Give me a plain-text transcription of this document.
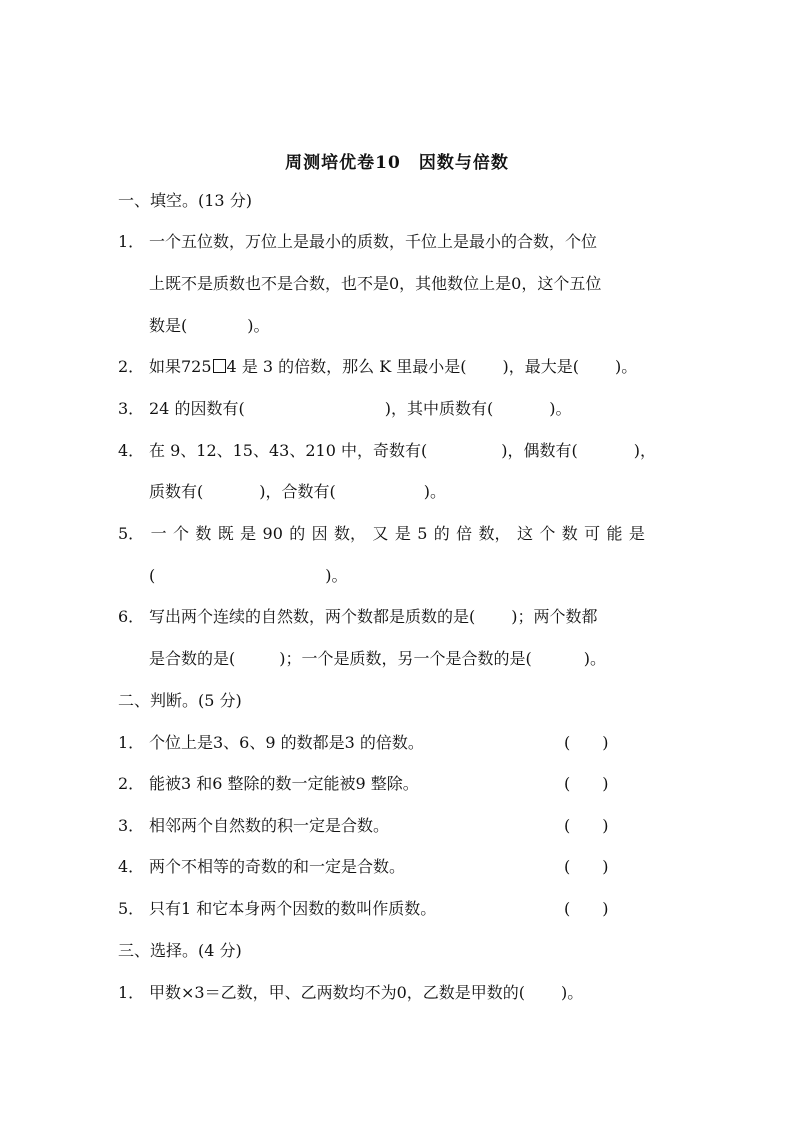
周测培优卷10　因数与倍数
一、填空。(13 分)
1． 一个五位数，万位上是最小的质数，千位上是最小的合数，个位
上既不是质数也不是合数，也不是0，其他数位上是0，这个五位
数是(	)。
2． 如果725 4 是 3 的倍数，那么 K 里最小是( )，最大是( )。
3． 24 的因数有(	)，其中质数有(	)。
4． 在 9、12、15、43、210 中，奇数有(	)，偶数有(	)，
质数有(	)，合数有(	)。
5． 一 个 数 既 是 90 的 因 数， 又 是 5 的 倍 数， 这 个 数 可 能 是
(	)。
6． 写出两个连续的自然数，两个数都是质数的是( )；两个数都
是合数的是(	)；一个是质数，另一个是合数的是(	)。
二、判断。(5 分)
1． 个位上是3、6、9 的数都是3 的倍数。	(　　)
2． 能被3 和6 整除的数一定能被9 整除。	(　　)
3． 相邻两个自然数的积一定是合数。	(　　)
4． 两个不相等的奇数的和一定是合数。	(　　)
5． 只有1 和它本身两个因数的数叫作质数。	(　　)
三、选择。(4 分)
1． 甲数×3＝乙数，甲、乙两数均不为0，乙数是甲数的( )。
